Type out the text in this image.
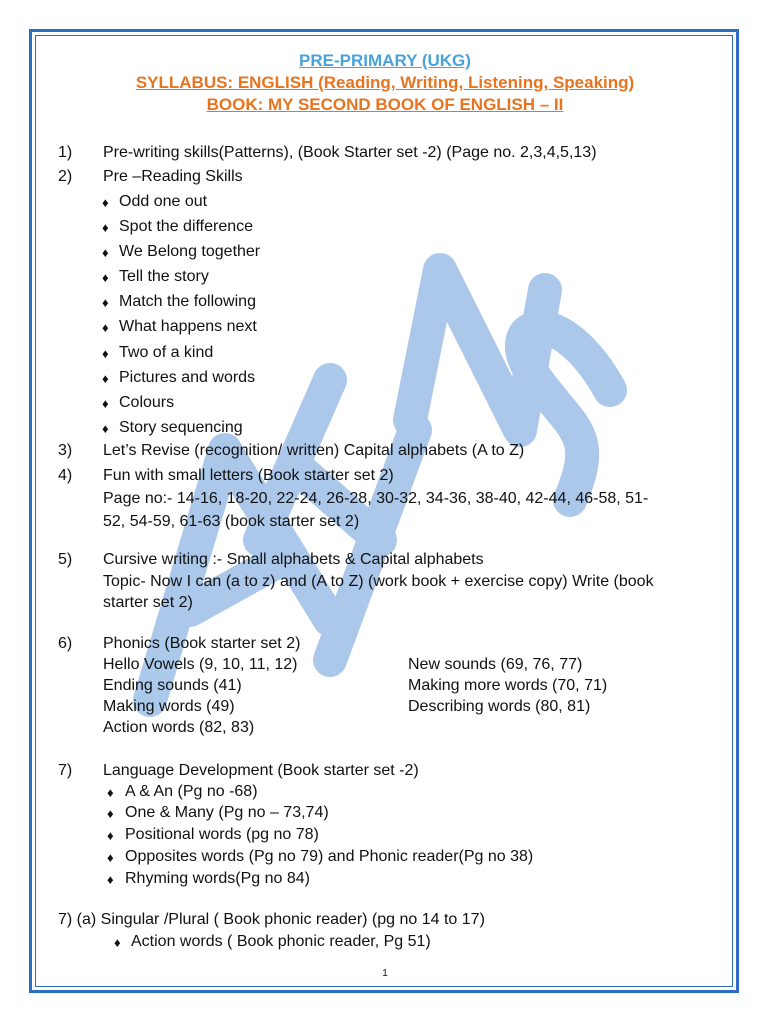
PRE-PRIMARY (UKG)
SYLLABUS: ENGLISH (Reading, Writing, Listening, Speaking)
BOOK: MY SECOND BOOK OF ENGLISH – II
1) Pre-writing skills(Patterns), (Book Starter set -2) (Page no. 2,3,4,5,13)
2) Pre –Reading Skills
♦ Odd one out
♦ Spot the difference
♦ We Belong together
♦ Tell the story
♦ Match the following
♦ What happens next
♦ Two of a kind
♦ Pictures and words
♦ Colours
♦ Story sequencing
3) Let’s Revise (recognition/ written) Capital alphabets (A to Z)
4) Fun with small letters (Book starter set 2)
Page no:- 14-16, 18-20, 22-24, 26-28, 30-32, 34-36, 38-40, 42-44, 46-58, 51-
52, 54-59, 61-63 (book starter set 2)
5) Cursive writing :- Small alphabets & Capital alphabets
Topic- Now I can (a to z) and (A to Z) (work book + exercise copy) Write (book
starter set 2)
6) Phonics (Book starter set 2)
Hello Vowels (9, 10, 11, 12)
Ending sounds (41)
Making words (49)
Action words (82, 83)
New sounds (69, 76, 77)
Making more words (70, 71)
Describing words (80, 81)
7) Language Development (Book starter set -2)
♦ A & An (Pg no -68)
♦ One & Many (Pg no – 73,74)
♦ Positional words (pg no 78)
♦ Opposites words (Pg no 79) and Phonic reader(Pg no 38)
♦ Rhyming words(Pg no 84)
7) (a) Singular /Plural ( Book phonic reader) (pg no 14 to 17)
♦ Action words ( Book phonic reader, Pg 51)
1
